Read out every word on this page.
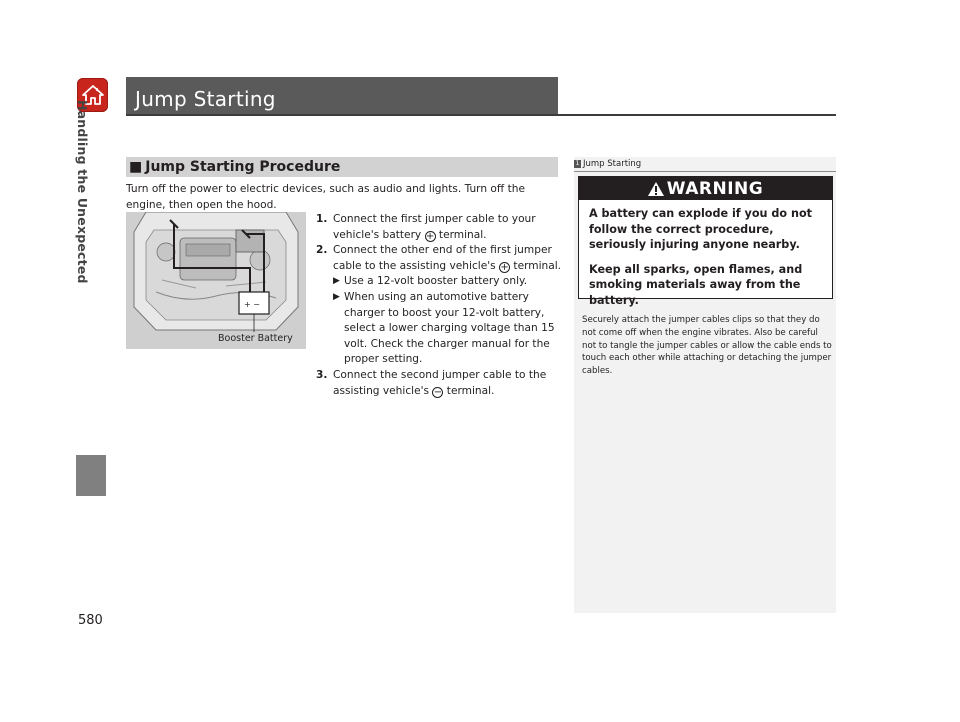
Handling the Unexpected
580
Jump Starting
■ Jump Starting Procedure
Turn off the power to electric devices, such as audio and lights. Turn off the engine, then open the hood.
+ −
Booster Battery
1. Connect the first jumper cable to your vehicle's battery + terminal.
2. Connect the other end of the first jumper cable to the assisting vehicle's + terminal.
▶ Use a 12-volt booster battery only.
▶ When using an automotive battery charger to boost your 12-volt battery, select a lower charging voltage than 15 volt. Check the charger manual for the proper setting.
3. Connect the second jumper cable to the assisting vehicle's − terminal.
1 Jump Starting
WARNING

A battery can explode if you do not follow the correct procedure, seriously injuring anyone nearby.

Keep all sparks, open flames, and smoking materials away from the battery.

Securely attach the jumper cables clips so that they do not come off when the engine vibrates. Also be careful not to tangle the jumper cables or allow the cable ends to touch each other while attaching or detaching the jumper cables.
